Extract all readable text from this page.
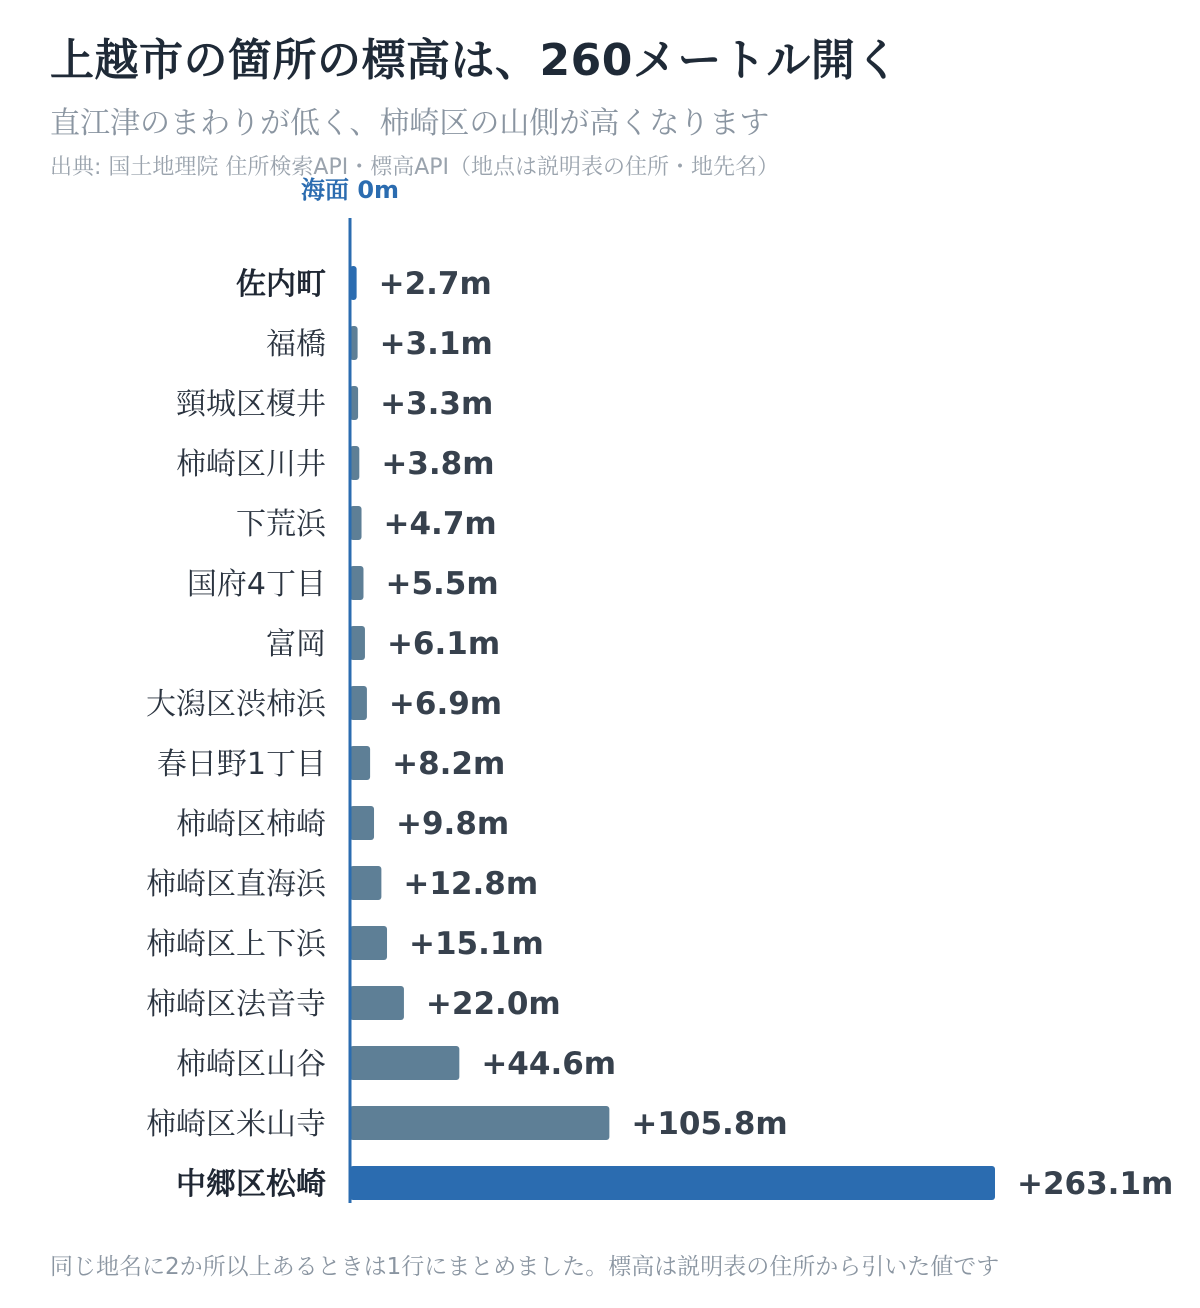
上越市の箇所の標高は、260メートル開く
直江津のまわりが低く、柿崎区の山側が高くなります
出典: 国土地理院 住所検索API・標高API（地点は説明表の住所・地先名）
海面 0m
佐内町
福橋
頸城区榎井
柿崎区川井
下荒浜
国府4丁目
富岡
大潟区渋柿浜
春日野1丁目
柿崎区柿崎
柿崎区直海浜
柿崎区上下浜
柿崎区法音寺
柿崎区山谷
柿崎区米山寺
中郷区松崎
+2.7m
+3.1m
+3.3m
+3.8m
+4.7m
+5.5m
+6.1m
+6.9m
+8.2m
+9.8m
+12.8m
+15.1m
+22.0m
+44.6m
+105.8m
+263.1m
同じ地名に2か所以上あるときは1行にまとめました。標高は説明表の住所から引いた値です
